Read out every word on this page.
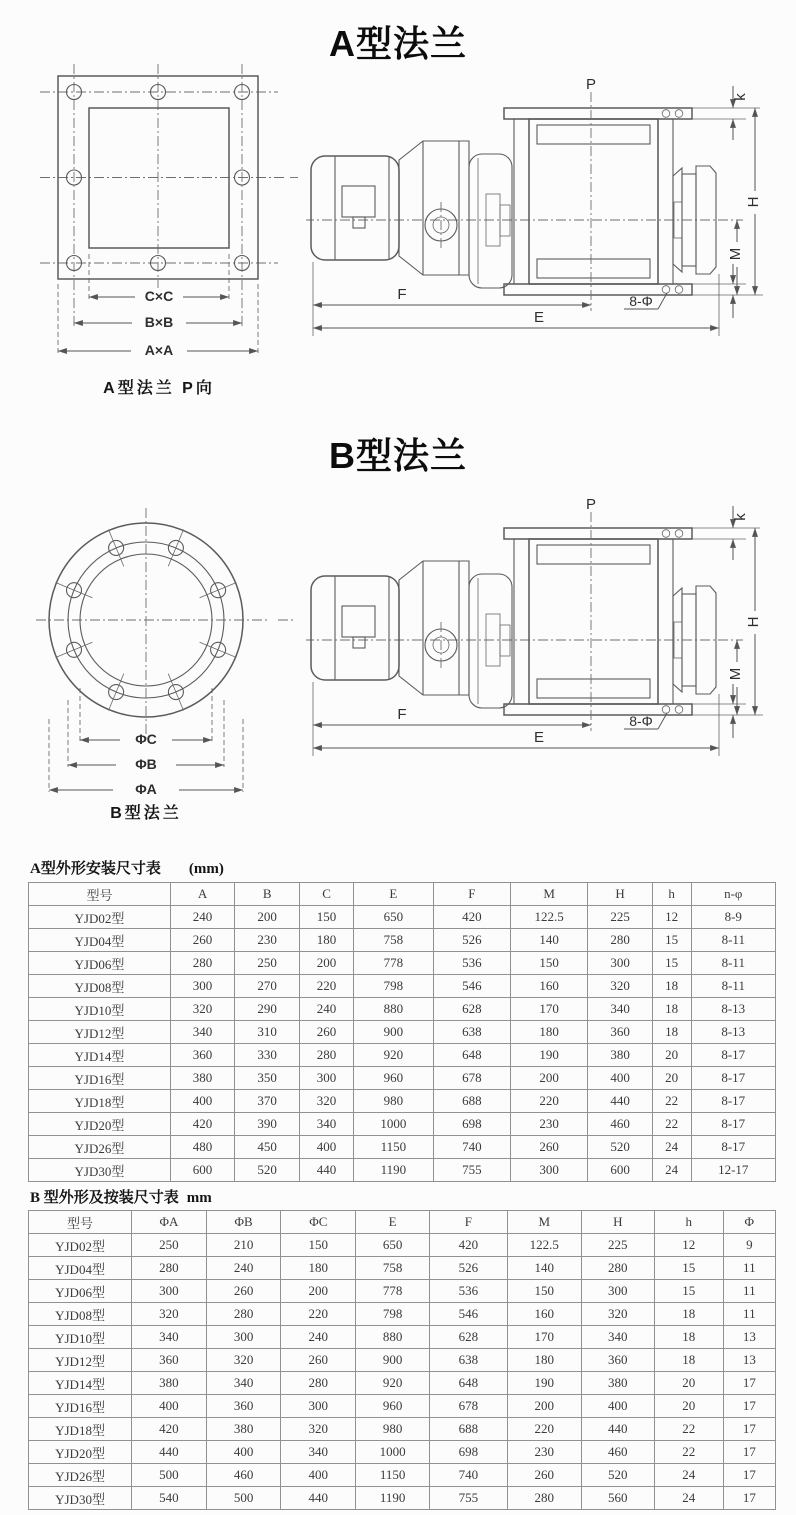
A型法兰
C×C
B×B
A×A
A型法兰 P向
B型法兰
ΦC
ΦB
ΦA
B型法兰
A型外形安装尺寸表 (mm)
型号	A	B	C	E	F	M	H	h	n-φ
YJD02型	240	200	150	650	420	122.5	225	12	8-9
YJD04型	260	230	180	758	526	140	280	15	8-11
YJD06型	280	250	200	778	536	150	300	15	8-11
YJD08型	300	270	220	798	546	160	320	18	8-11
YJD10型	320	290	240	880	628	170	340	18	8-13
YJD12型	340	310	260	900	638	180	360	18	8-13
YJD14型	360	330	280	920	648	190	380	20	8-17
YJD16型	380	350	300	960	678	200	400	20	8-17
YJD18型	400	370	320	980	688	220	440	22	8-17
YJD20型	420	390	340	1000	698	230	460	22	8-17
YJD26型	480	450	400	1150	740	260	520	24	8-17
YJD30型	600	520	440	1190	755	300	600	24	12-17
B 型外形及按装尺寸表 mm
型号	ΦA	ΦB	ΦC	E	F	M	H	h	Φ
YJD02型	250	210	150	650	420	122.5	225	12	9
YJD04型	280	240	180	758	526	140	280	15	11
YJD06型	300	260	200	778	536	150	300	15	11
YJD08型	320	280	220	798	546	160	320	18	11
YJD10型	340	300	240	880	628	170	340	18	13
YJD12型	360	320	260	900	638	180	360	18	13
YJD14型	380	340	280	920	648	190	380	20	17
YJD16型	400	360	300	960	678	200	400	20	17
YJD18型	420	380	320	980	688	220	440	22	17
YJD20型	440	400	340	1000	698	230	460	22	17
YJD26型	500	460	400	1150	740	260	520	24	17
YJD30型	540	500	440	1190	755	280	560	24	17
